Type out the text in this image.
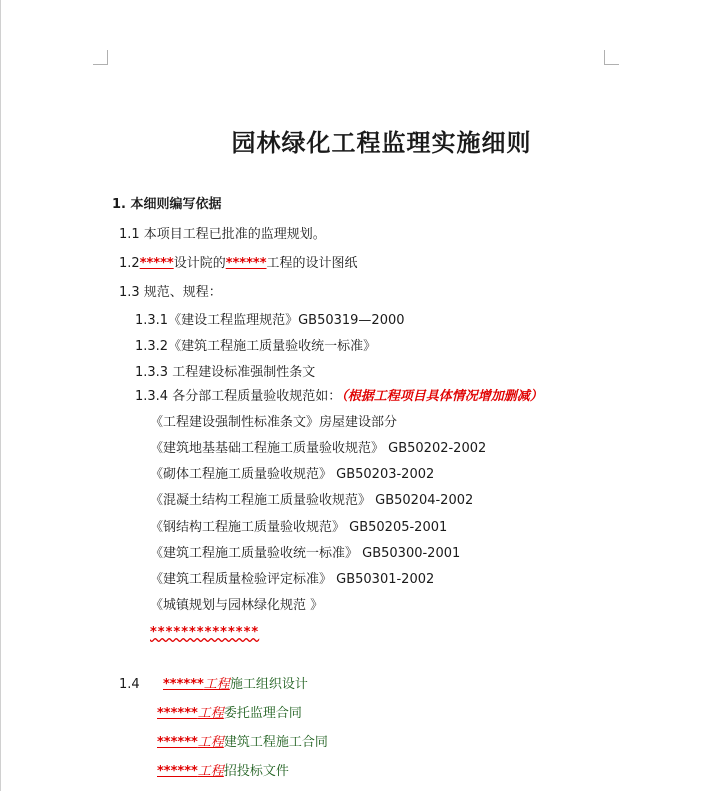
园林绿化工程监理实施细则
1. 本细则编写依据
1.1 本项目工程已批准的监理规划。
1.2*****设计院的******工程的设计图纸
1.3 规范、规程：
1.3.1《建设工程监理规范》GB50319—2000
1.3.2《建筑工程施工质量验收统一标准》
1.3.3 工程建设标准强制性条文
1.3.4 各分部工程质量验收规范如：（根据工程项目具体情况增加删减）
《工程建设强制性标准条文》房屋建设部分
《建筑地基基础工程施工质量验收规范》 GB50202-2002
《砌体工程施工质量验收规范》 GB50203-2002
《混凝土结构工程施工质量验收规范》 GB50204-2002
《钢结构工程施工质量验收规范》 GB50205-2001
《建筑工程施工质量验收统一标准》 GB50300-2001
《建筑工程质量检验评定标准》 GB50301-2002
《城镇规划与园林绿化规范 》
**************
1.4 ******工程施工组织设计
******工程委托监理合同
******工程建筑工程施工合同
******工程招投标文件
